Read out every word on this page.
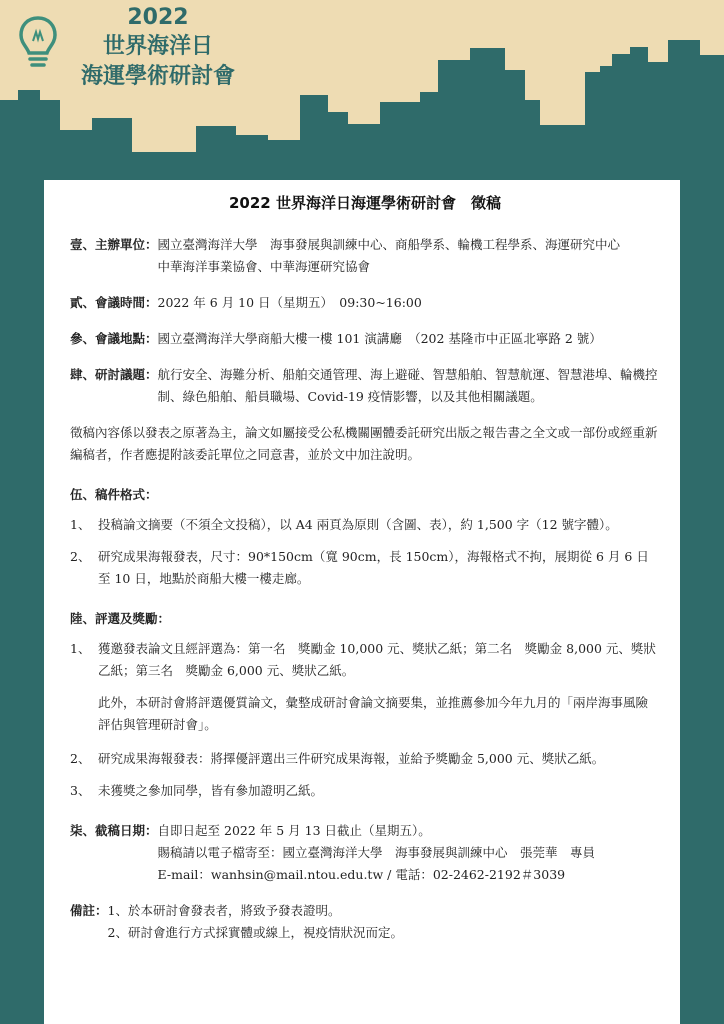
2022
世界海洋日
海運學術研討會
2022 世界海洋日海運學術研討會　徵稿
壹、主辦單位： 國立臺灣海洋大學　海事發展與訓練中心、商船學系、輪機工程學系、海運研究中心

中華海洋事業協會、中華海運研究協會

貳、會議時間： 2022 年 6 月 10 日（星期五）　09:30~16:00
參、會議地點： 國立臺灣海洋大學商船大樓一樓 101 演講廳　（202 基隆市中正區北寧路 2 號）
肆、研討議題： 航行安全、海難分析、船舶交通管理、海上避碰、智慧船舶、智慧航運、智慧港埠、輪機控制、綠色船舶、船員職場、Covid-19 疫情影響，以及其他相關議題。

徵稿內容係以發表之原著為主，論文如屬接受公私機關團體委託研究出版之報告書之全文或一部份或經重新編稿者，作者應提附該委託單位之同意書，並於文中加注說明。

伍、稿件格式：
1、 投稿論文摘要（不須全文投稿），以 A4 兩頁為原則（含圖、表），約 1,500 字（12 號字體）。
2、 研究成果海報發表，尺寸：90*150cm（寬 90cm，長 150cm），海報格式不拘，展期從 6 月 6 日至 10 日，地點於商船大樓一樓走廊。
陸、評選及獎勵：
1、 獲邀發表論文且經評選為：第一名　獎勵金 10,000 元、獎狀乙紙；第二名　獎勵金 8,000 元、獎狀乙紙；第三名　獎勵金 6,000 元、獎狀乙紙。

此外，本研討會將評選優質論文，彙整成研討會論文摘要集，並推薦參加今年九月的「兩岸海事風險評估與管理研討會」。

2、 研究成果海報發表：將擇優評選出三件研究成果海報，並給予獎勵金 5,000 元、獎狀乙紙。
3、 未獲獎之參加同學，皆有參加證明乙紙。
柒、截稿日期： 自即日起至 2022 年 5 月 13 日截止（星期五）。

賜稿請以電子檔寄至：國立臺灣海洋大學　海事發展與訓練中心　張莞華　專員

E-mail：wanhsin@mail.ntou.edu.tw / 電話：02-2462-2192＃3039

備註： 1、於本研討會發表者，將致予發表證明。

2、研討會進行方式採實體或線上，視疫情狀況而定。
